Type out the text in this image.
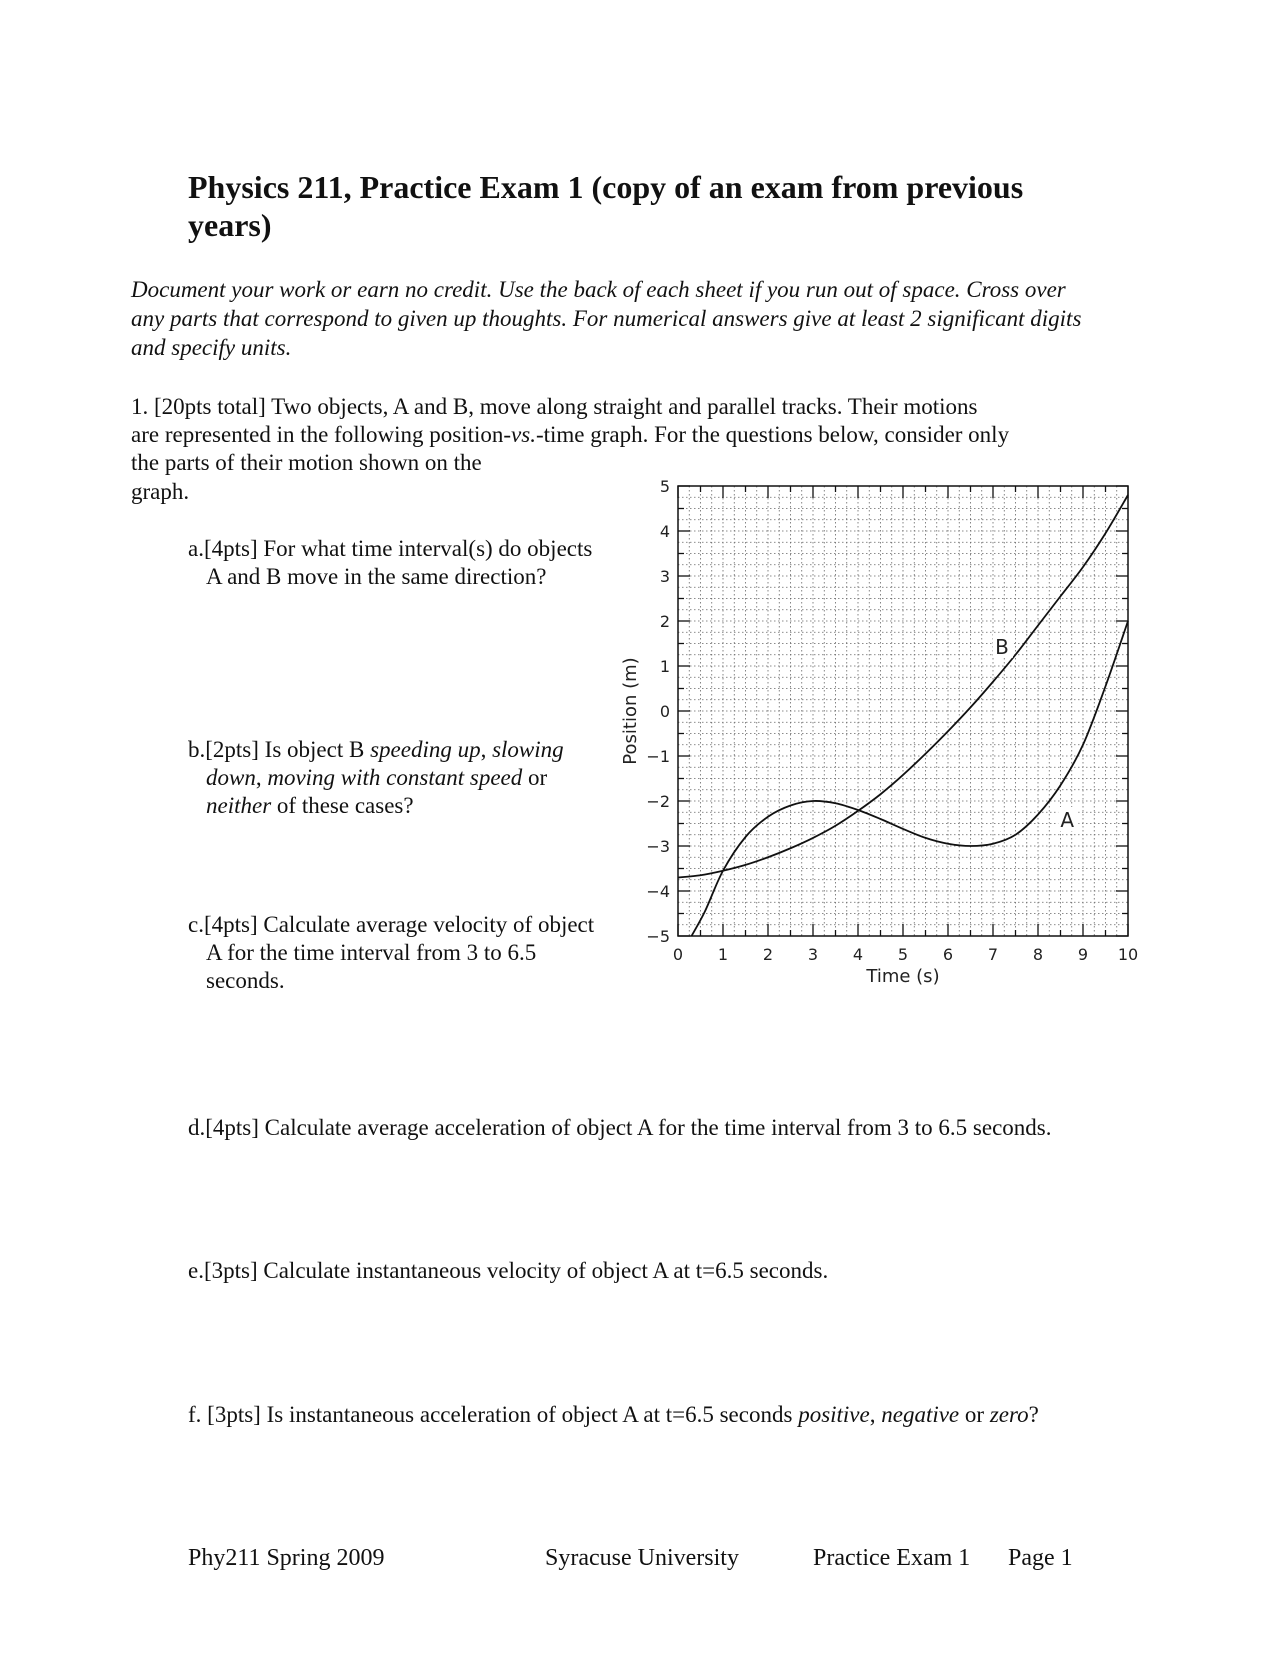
Physics 211, Practice Exam 1 (copy of an exam from previous years)
Document your work or earn no credit. Use the back of each sheet if you run out of space. Cross over any parts that correspond to given up thoughts. For numerical answers give at least 2 significant digits and specify units.
1. [20pts total] Two objects, A and B, move along straight and parallel tracks. Their motions
are represented in the following position-vs.-time graph. For the questions below, consider only
the parts of their motion shown on the
graph.
a.[4pts] For what time interval(s) do objects A and B move in the same direction?
b.[2pts] Is object B speeding up, slowing down, moving with constant speed or neither of these cases?
c.[4pts] Calculate average velocity of object A for the time interval from 3 to 6.5 seconds.
d.[4pts] Calculate average acceleration of object A for the time interval from 3 to 6.5 seconds.
e.[3pts] Calculate instantaneous velocity of object A at t=6.5 seconds.
f. [3pts] Is instantaneous acceleration of object A at t=6.5 seconds positive, negative or zero?
0 1 2 3 4 5 6 7 8 9 10
−5
−4
−3
−2
−1
0
1
2
3
4
5
Time (s)
Position (m)
B
A
Phy211 Spring 2009	Syracuse University	Practice Exam 1 Page 1
